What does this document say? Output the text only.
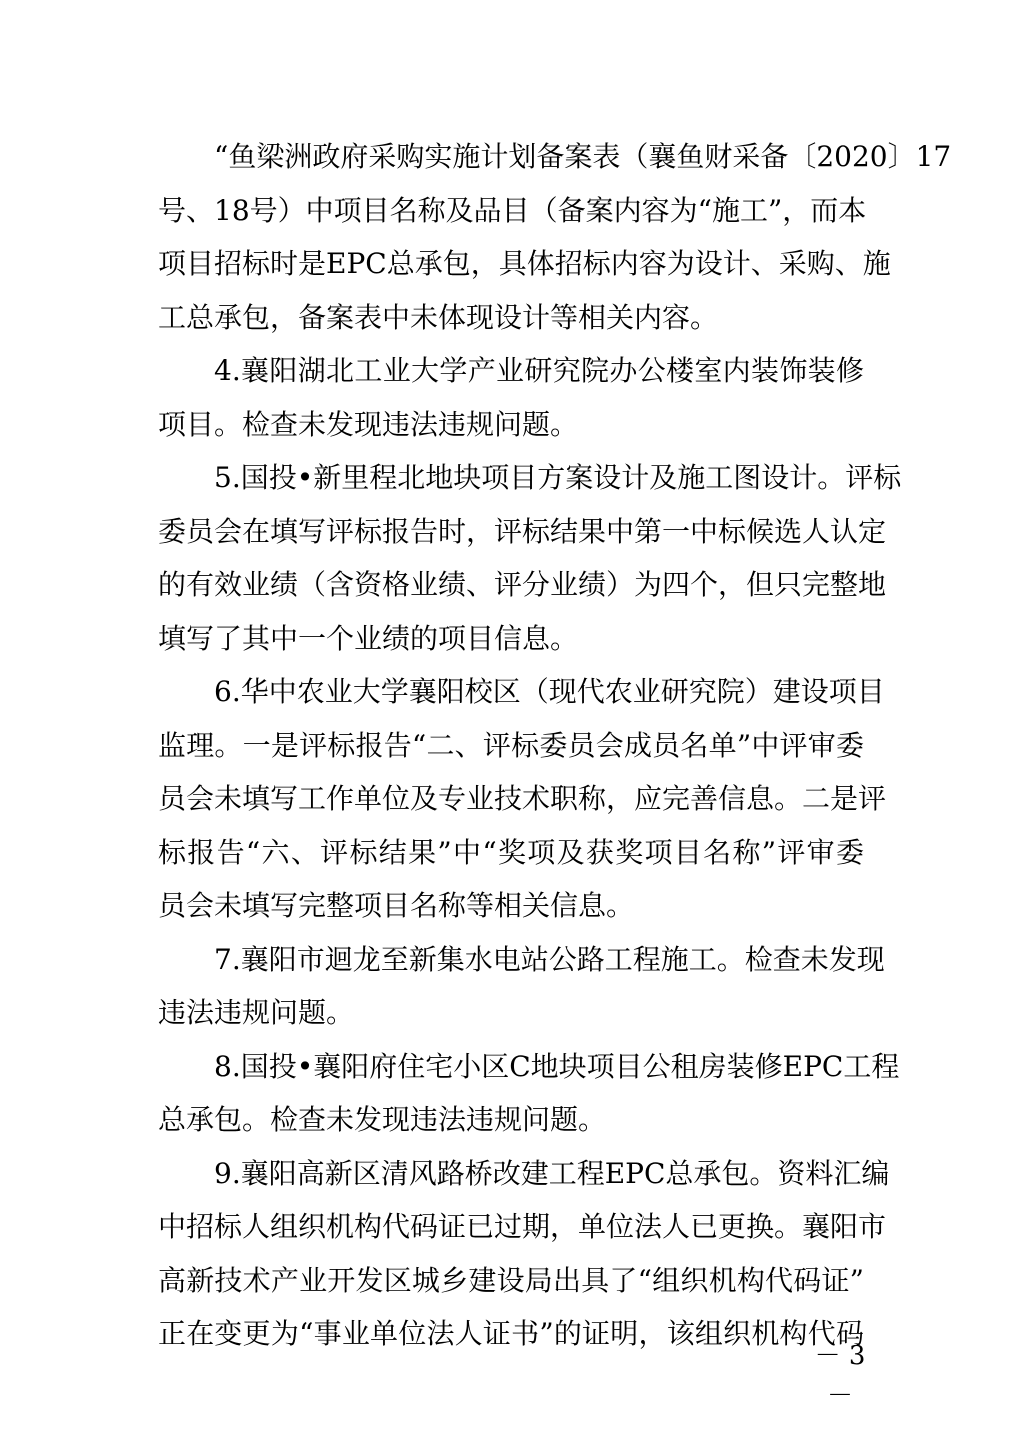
“鱼梁洲政府采购实施计划备案表（襄鱼财采备〔2020〕17
号、18号）中项目名称及品目（备案内容为“施工”，而本
项目招标时是EPC总承包，具体招标内容为设计、采购、施
工总承包，备案表中未体现设计等相关内容。
4.襄阳湖北工业大学产业研究院办公楼室内装饰装修
项目。检查未发现违法违规问题。
5.国投•新里程北地块项目方案设计及施工图设计。评标
委员会在填写评标报告时，评标结果中第一中标候选人认定
的有效业绩（含资格业绩、评分业绩）为四个，但只完整地
填写了其中一个业绩的项目信息。
6.华中农业大学襄阳校区（现代农业研究院）建设项目
监理。一是评标报告“二、评标委员会成员名单”中评审委
员会未填写工作单位及专业技术职称，应完善信息。二是评
标报告“六、评标结果”中“奖项及获奖项目名称”评审委
员会未填写完整项目名称等相关信息。
7.襄阳市迴龙至新集水电站公路工程施工。检查未发现
违法违规问题。
8.国投•襄阳府住宅小区C地块项目公租房装修EPC工程
总承包。检查未发现违法违规问题。
9.襄阳高新区清风路桥改建工程EPC总承包。资料汇编
中招标人组织机构代码证已过期，单位法人已更换。襄阳市
高新技术产业开发区城乡建设局出具了“组织机构代码证”
正在变更为“事业单位法人证书”的证明，该组织机构代码
－ 3 －
